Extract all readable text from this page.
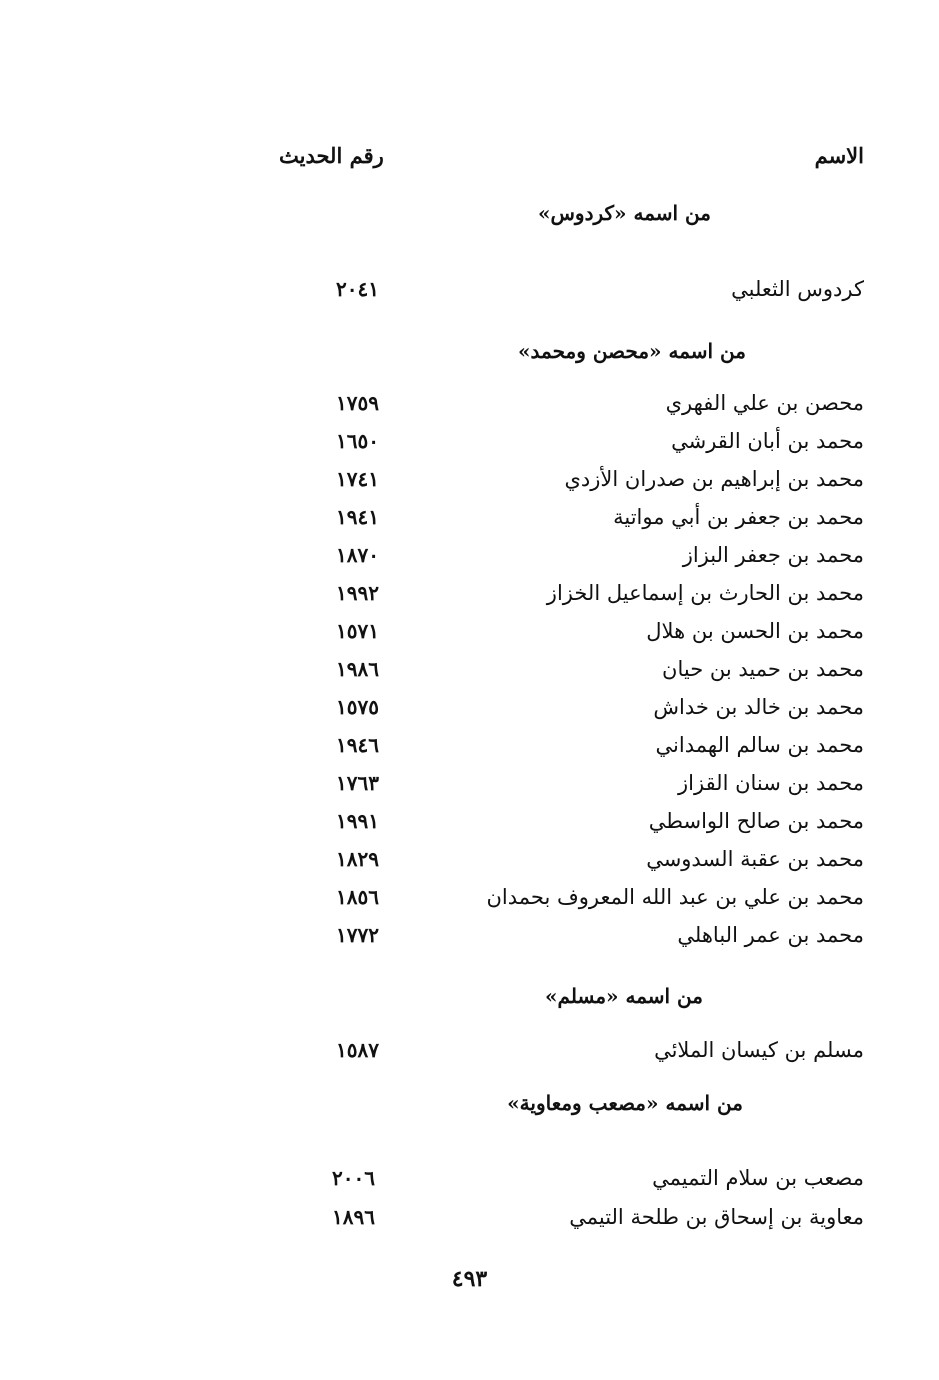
الاسم
رقم الحديث
من اسمه «كردوس»
كردوس الثعلبي
٢٠٤١
من اسمه «محصن ومحمد»
محصن بن علي الفهري
١٧٥٩
محمد بن أبان القرشي
١٦٥٠
محمد بن إبراهيم بن صدران الأزدي
١٧٤١
محمد بن جعفر بن أبي مواتية
١٩٤١
محمد بن جعفر البزاز
١٨٧٠
محمد بن الحارث بن إسماعيل الخزاز
١٩٩٢
محمد بن الحسن بن هلال
١٥٧١
محمد بن حميد بن حيان
١٩٨٦
محمد بن خالد بن خداش
١٥٧٥
محمد بن سالم الهمداني
١٩٤٦
محمد بن سنان القزاز
١٧٦٣
محمد بن صالح الواسطي
١٩٩١
محمد بن عقبة السدوسي
١٨٢٩
محمد بن علي بن عبد الله المعروف بحمدان
١٨٥٦
محمد بن عمر الباهلي
١٧٧٢
من اسمه «مسلم»
مسلم بن كيسان الملائي
١٥٨٧
من اسمه «مصعب ومعاوية»
مصعب بن سلام التميمي
٢٠٠٦
معاوية بن إسحاق بن طلحة التيمي
١٨٩٦
٤٩٣
